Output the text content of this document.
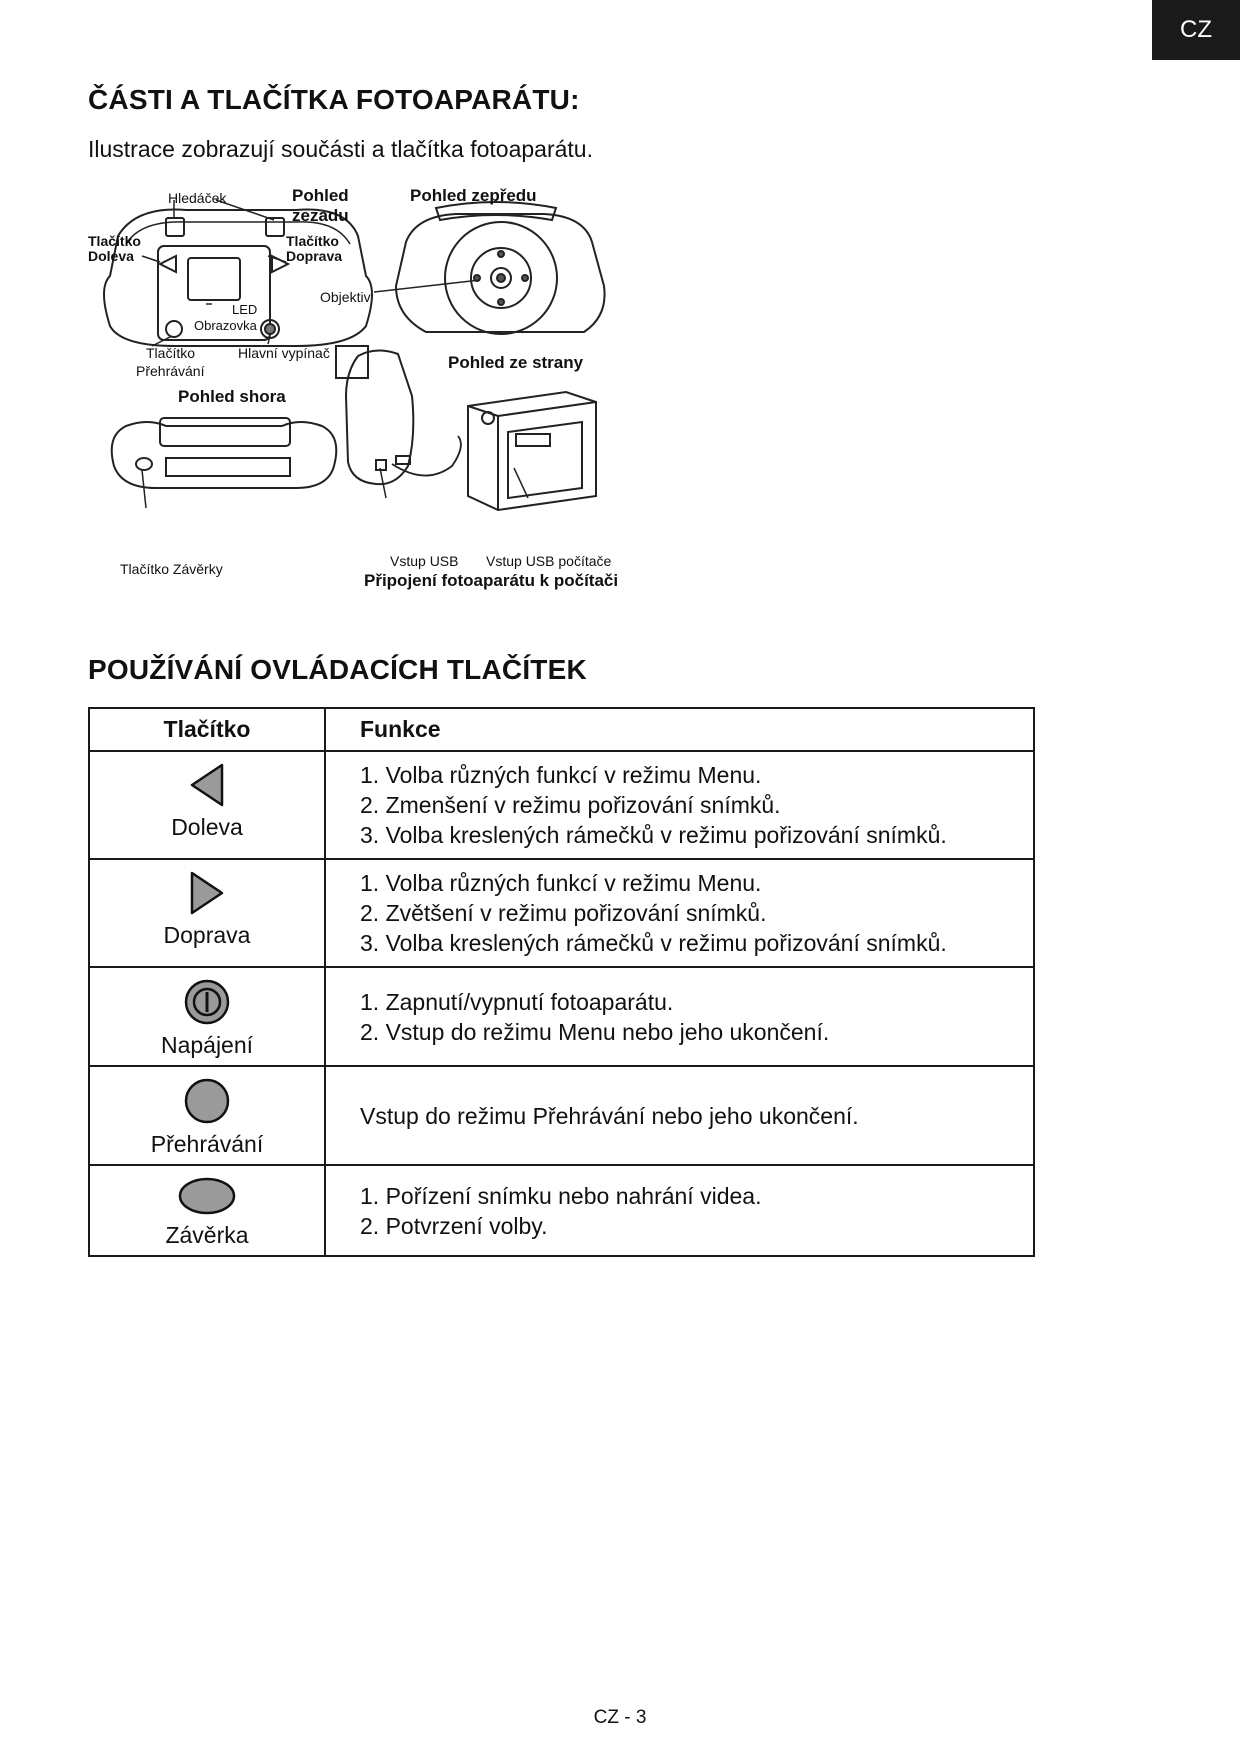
CZ
ČÁSTI A TLAČÍTKA FOTOAPARÁTU:
Ilustrace zobrazují součásti a tlačítka fotoaparátu.
Hledáček	Pohled
zezadu
Pohled zepředu
Tlačítko
Doleva
Tlačítko
Doprava
Objektiv
LED
Obrazovka
Tlačítko
Přehrávání
Hlavní vypínač	Pohled ze strany
Pohled shora
Tlačítko Závěrky	Vstup USB Vstup USB počítače
Připojení fotoaparátu k počítači
POUŽÍVÁNÍ OVLÁDACÍCH TLAČÍTEK
Tlačítko	Funkce

Doleva	1. Volba různých funkcí v režimu Menu.
2. Zmenšení v režimu pořizování snímků.
3. Volba kreslených rámečků v režimu pořizování snímků.

Doprava	1. Volba různých funkcí v režimu Menu.
2. Zvětšení v režimu pořizování snímků.
3. Volba kreslených rámečků v režimu pořizování snímků.

Napájení	1. Zapnutí/vypnutí fotoaparátu.
2. Vstup do režimu Menu nebo jeho ukončení.

Přehrávání	Vstup do režimu Přehrávání nebo jeho ukončení.

Závěrka	1. Pořízení snímku nebo nahrání videa.
2. Potvrzení volby.
CZ - 3
